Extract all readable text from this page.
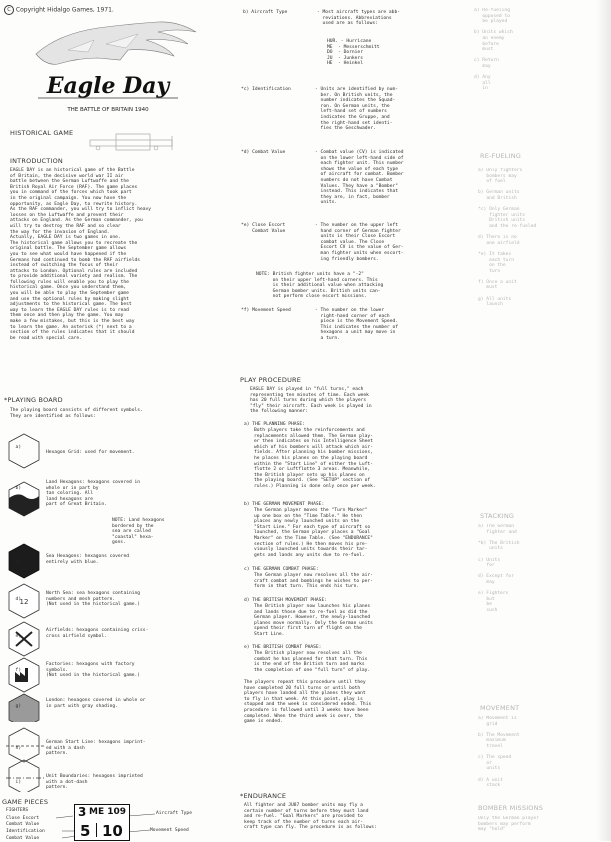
C Copyright Hidalgo Games, 1971.
Eagle Day
THE BATTLE OF BRITAIN 1940
HISTORICAL GAME
INTRODUCTION
EAGLE DAY is an historical game of the Battle
of Britain, the decisive world war II air
battle between the German Luftwaffe and the
British Royal Air Force (RAF). The game places
you in command of the forces which took part
in the original campaign. You now have the
opportunity, as Eagle Day, to rewrite history.
As the RAF commander, you will try to inflict heavy
losses on the Luftwaffe and prevent their
attacks on England. As the German commander, you
will try to destroy the RAF and so clear
the way for the invasion of England.
Actually, EAGLE DAY is two games in one.
The historical game allows you to recreate the
original battle. The September game allows
you to see what would have happened if the
Germans had continued to bomb the RAF airfields
instead of switching the focus of their
attacks to London. Optional rules are included
to provide additional variety and realism. The
following rules will enable you to play the
historical game. Once you understand them,
you will be able to play the September game
and use the optional rules by making slight
adjustments to the historical game. The best
way to learn the EAGLE DAY rules is to read
them once and then play the game. You may
make a few mistakes, but this is the best way
to learn the game. An asterisk (*) next to a
section of the rules indicates that it should
be read with special care.
*PLAYING BOARD
The playing board consists of different symbols.
They are identified as follows:
12

a)

Hexagon Grid: used for movement.

b)

Land Hexagons: hexagons covered in
whole or in part by
tan coloring. All
land hexagons are
part of Great Britain.

NOTE: Land hexagons
bordered by the
sea are called
"coastal" hexa-
gons.

c)

Sea Hexagons: hexagons covered
entirely with blue.

d)

North Sea: sea hexagons containing
numbers and mesh pattern.
(Not used in the historical game.)

e)

Airfields: hexagons containing criss-
cross airfield symbol.

f)

Factories: hexagons with factory
symbols.
(Not used in the historical game.)

g)

London: hexagons covered in whole or
in part with gray shading.

h)

German Start Line: hexagons imprint-
ed with a dash
pattern.

i)

Unit Boundaries: hexagons imprinted
with a dot-dash
pattern.

GAME PIECES
FIGHTERS
Close Escort
Combat Value
Identification
Combat Value
Aircraft Type
Movement Speed
3 ME 109
5 10
b) Aircraft Type	- Most aircraft types are abb-
reviations. Abbreviations
used are as follows:
HUR. - Hurricane
ME  - Messerschmitt
DO  - Dornier
JU  - Junkers
HE  - Heinkel
*c) Identification	- Units are identified by num-
ber. On British units, the
number indicates the Squad-
ron. On German units, the
left-hand set of numbers
indicates the Gruppe, and
the right-hand set identi-
fies the Geschwader.
*d) Combat Value	- Combat value (CV) is indicated
on the lower left-hand side of
each fighter unit. This number
shows the value of each type
of aircraft for combat. Bomber
numbers do not have Combat
Values. They have a "Bomber"
instead. This indicates that
they are, in fact, bomber
units.
*e) Close Escort
Combat Value
- The number on the upper left
hand corner of German fighter
units is their Close Escort
combat value. The Close
Escort CV is the value of Ger-
man fighter units when escort-
ing friendly bombers.
NOTE: British fighter units have a "-2"
on their upper left-hand corners. This
is their additional value when attacking
German bomber units. British units can-
not perform close escort missions.
*f) Movement Speed	- The number on the lower
right-hand corner of each
piece is the Movement Speed.
This indicates the number of
hexagons a unit may move in
a turn.
PLAY PROCEDURE
EAGLE DAY is played in "full turns," each
representing ten minutes of time. Each week
has 20 full turns during which the players
"fly" their aircraft. Each week is played in
the following manner:
a) THE PLANNING PHASE:
Both players take the reinforcements and
replacements allowed them. The German play-
er then indicates on his Intelligence Sheet
which of his bombers will attack which air-
fields. After planning his bomber missions,
he places his planes on the playing board
within the "Start Line" of either the Luft-
flotte 2 or Luftflotte 3 areas. Meanwhile,
the British player sets up his planes on
the playing board. (See "SETUP" section of
rules.) Planning is done only once per week.
b) THE GERMAN MOVEMENT PHASE:
The German player moves the "Turn Marker"
up one box on the "Time Table." He then
places any newly launched units on the
"Start Line." For each type of aircraft so
launched, the German player places a "Goal
Marker" on the Time Table. (See "ENDURANCE"
section of rules.) He then moves his pre-
viously launched units towards their tar-
gets and lands any units due to re-fuel.
c) THE GERMAN COMBAT PHASE:
The German player now resolves all the air-
craft combat and bombings he wishes to per-
form in that turn. This ends his turn.
d) THE BRITISH MOVEMENT PHASE:
The British player now launches his planes
and lands those due to re-fuel as did the
German player. However, the newly-launched
planes move normally. Only the German units
spend their first turn of flight on the
Start Line.
e) THE BRITISH COMBAT PHASE:
The British player now resolves all the
combat he has planned for that turn. This
is the end of the British turn and marks
the completion of one "full turn" of play.
The players repeat this procedure until they
have completed 20 full turns or until both
players have landed all the planes they want
to fly in that week. At this point, play is
stopped and the week is considered ended. This
procedure is followed until 3 weeks have been
completed. When the third week is over, the
game is ended.
*ENDURANCE
All fighter and JU87 bomber units may fly a
certain number of turns before they must land
and re-fuel. "Goal Markers" are provided to
keep track of the number of turns each air-
craft type can fly. The procedure is as follows:
a) Re-fueling
opposed to
be played

b) Units which
an enemy
before
must

c) Return
may

d) Any
all
in
RE-FUELING
a) Only fighters
bombers may
of fuel

b) German units
and British

*c) Only German
fighter units
British units
and the re-fueled

d) There is no
one airfield

*e) It takes
each turn
on the
turn

f) Once a unit
must

g) All units
launch
STACKING
a) The German
fighter and

*b) The British
units

c) Units
for

d) Except for
may

e) Fighters
but
be
such
MOVEMENT
a) Movement is
grid

b) The Movement
maximum
travel

c) The speed
or
units

d) A unit
stack
BOMBER MISSIONS
Only the German player
bombers may perform
may "hold"
